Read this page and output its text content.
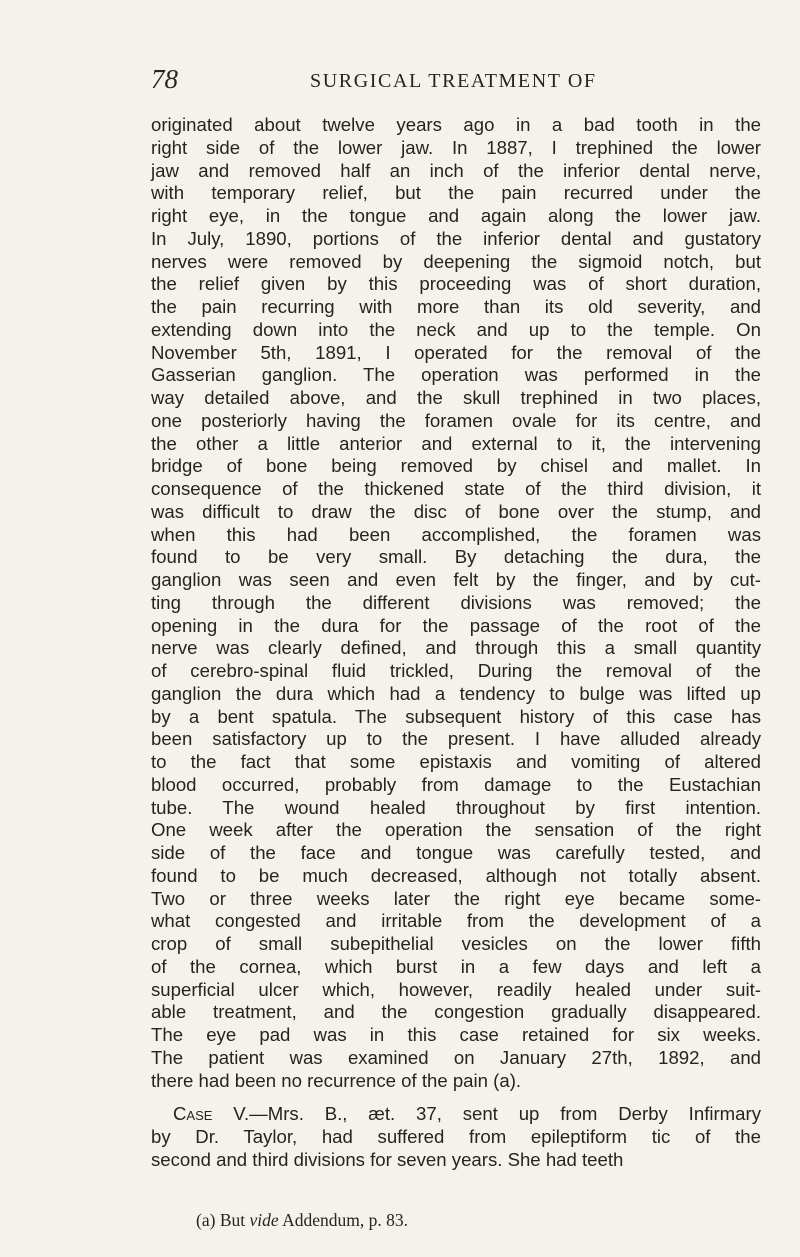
78	SURGICAL TREATMENT OF
originated about twelve years ago in a bad tooth in the
right side of the lower jaw. In 1887, I trephined the lower
jaw and removed half an inch of the inferior dental nerve,
with temporary relief, but the pain recurred under the
right eye, in the tongue and again along the lower jaw.
In July, 1890, portions of the inferior dental and gustatory
nerves were removed by deepening the sigmoid notch, but
the relief given by this proceeding was of short duration,
the pain recurring with more than its old severity, and
extending down into the neck and up to the temple. On
November 5th, 1891, I operated for the removal of the
Gasserian ganglion. The operation was performed in the
way detailed above, and the skull trephined in two places,
one posteriorly having the foramen ovale for its centre, and
the other a little anterior and external to it, the intervening
bridge of bone being removed by chisel and mallet. In
consequence of the thickened state of the third division, it
was difficult to draw the disc of bone over the stump, and
when this had been accomplished, the foramen was
found to be very small. By detaching the dura, the
ganglion was seen and even felt by the finger, and by cut-
ting through the different divisions was removed; the
opening in the dura for the passage of the root of the
nerve was clearly defined, and through this a small quantity
of cerebro-spinal fluid trickled, During the removal of the
ganglion the dura which had a tendency to bulge was lifted up
by a bent spatula. The subsequent history of this case has
been satisfactory up to the present. I have alluded already
to the fact that some epistaxis and vomiting of altered
blood occurred, probably from damage to the Eustachian
tube. The wound healed throughout by first intention.
One week after the operation the sensation of the right
side of the face and tongue was carefully tested, and
found to be much decreased, although not totally absent.
Two or three weeks later the right eye became some-
what congested and irritable from the development of a
crop of small subepithelial vesicles on the lower fifth
of the cornea, which burst in a few days and left a
superficial ulcer which, however, readily healed under suit-
able treatment, and the congestion gradually disappeared.
The eye pad was in this case retained for six weeks.
The patient was examined on January 27th, 1892, and
there had been no recurrence of the pain (a).
Case V.—Mrs. B., æt. 37, sent up from Derby Infirmary
by Dr. Taylor, had suffered from epileptiform tic of the
second and third divisions for seven years. She had teeth
(a) But vide Addendum, p. 83.
